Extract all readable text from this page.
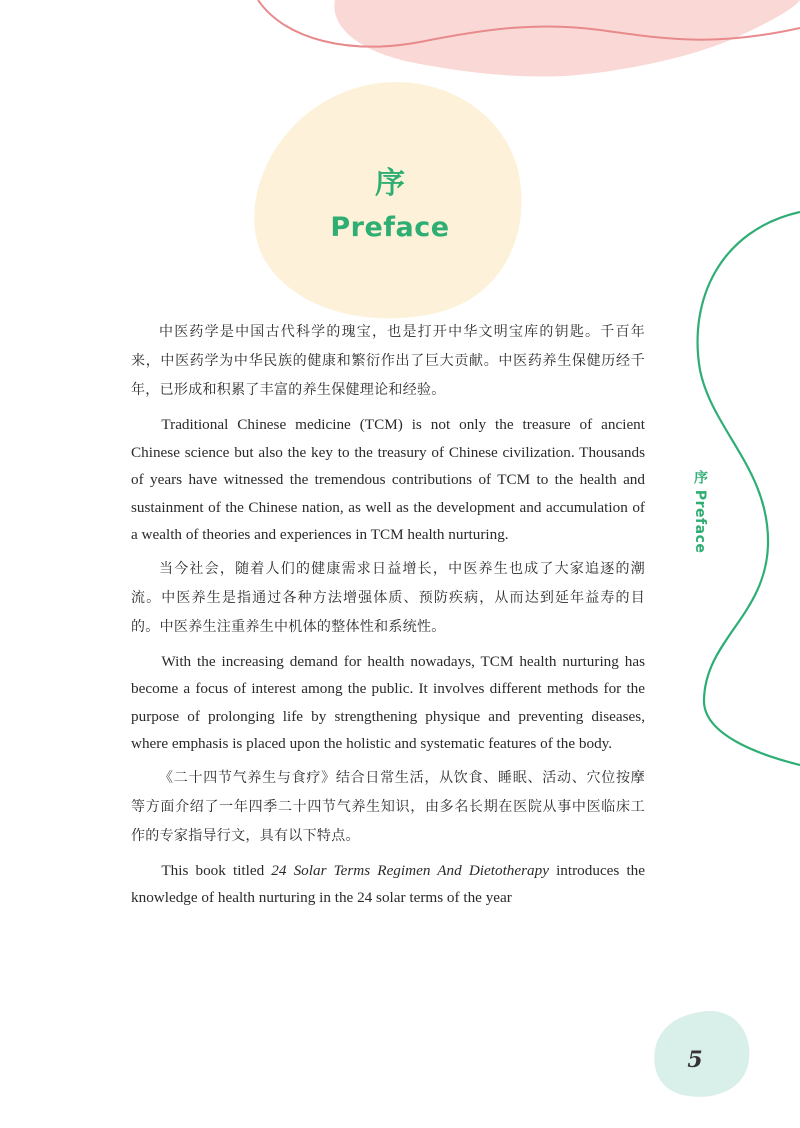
序
Preface
序 Preface

中医药学是中国古代科学的瑰宝，也是打开中华文明宝库的钥匙。千百年来，中医药学为中华民族的健康和繁衍作出了巨大贡献。中医药养生保健历经千年，已形成和积累了丰富的养生保健理论和经验。

Traditional Chinese medicine (TCM) is not only the treasure of ancient Chinese science but also the key to the treasury of Chinese civilization. Thousands of years have witnessed the tremendous contributions of TCM to the health and sustainment of the Chinese nation, as well as the development and accumulation of a wealth of theories and experiences in TCM health nurturing.

当今社会，随着人们的健康需求日益增长，中医养生也成了大家追逐的潮流。中医养生是指通过各种方法增强体质、预防疾病，从而达到延年益寿的目的。中医养生注重养生中机体的整体性和系统性。

With the increasing demand for health nowadays, TCM health nurturing has become a focus of interest among the public. It involves different methods for the purpose of prolonging life by strengthening physique and preventing diseases, where emphasis is placed upon the holistic and systematic features of the body.

《二十四节气养生与食疗》结合日常生活，从饮食、睡眠、活动、穴位按摩等方面介绍了一年四季二十四节气养生知识，由多名长期在医院从事中医临床工作的专家指导行文，具有以下特点。

This book titled 24 Solar Terms Regimen And Dietotherapy introduces the knowledge of health nurturing in the 24 solar terms of the year

5
